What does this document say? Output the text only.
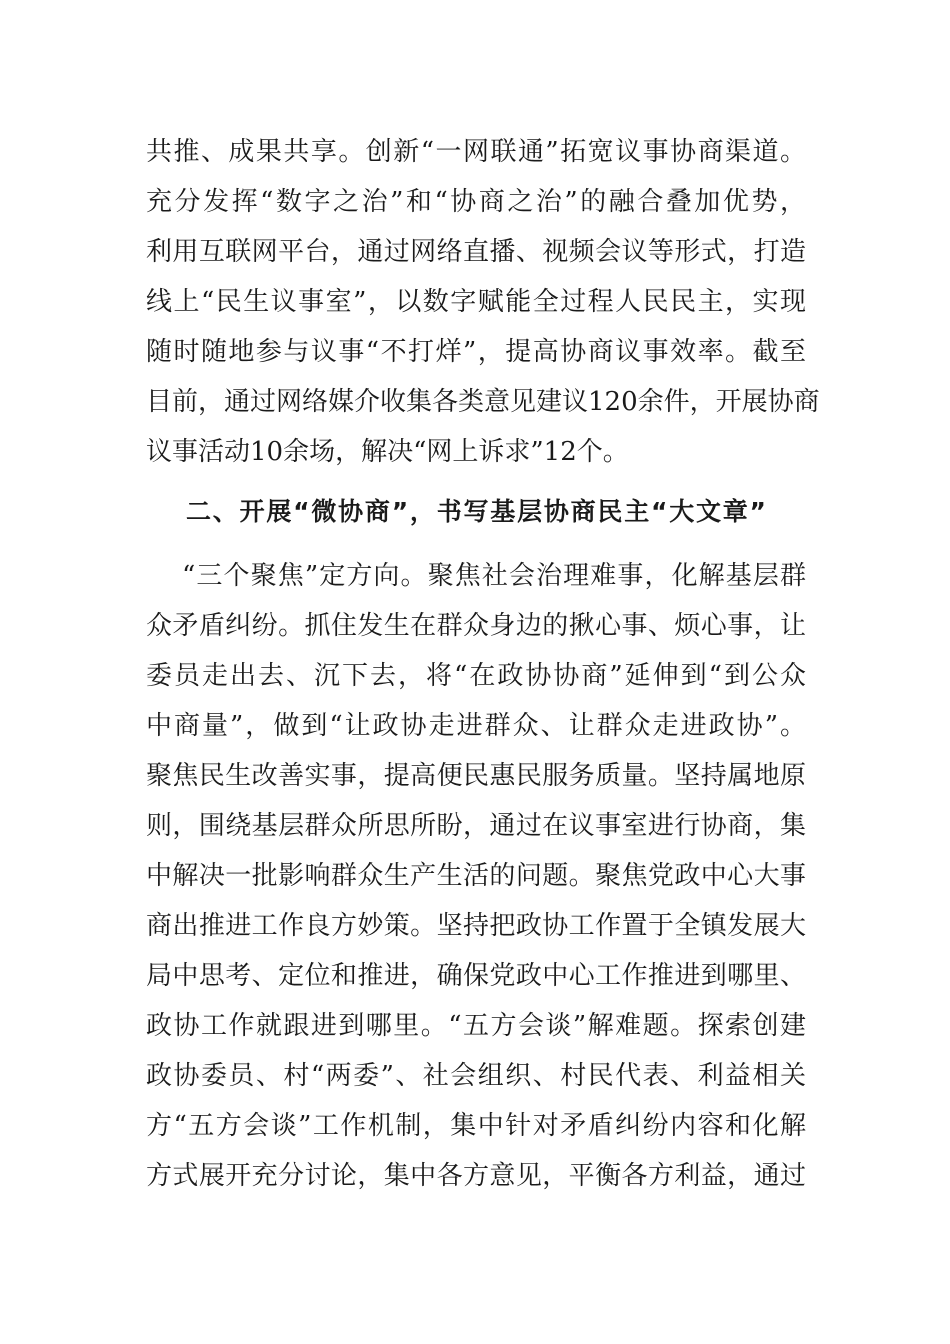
共推、成果共享。创新“一网联通”拓宽议事协商渠道。
充分发挥“数字之治”和“协商之治”的融合叠加优势，
利用互联网平台，通过网络直播、视频会议等形式，打造
线上“民生议事室”，以数字赋能全过程人民民主，实现
随时随地参与议事“不打烊”，提高协商议事效率。截至
目前，通过网络媒介收集各类意见建议120余件，开展协商
议事活动10余场，解决“网上诉求”12个。
二、开展“微协商”，书写基层协商民主“大文章”
“三个聚焦”定方向。聚焦社会治理难事，化解基层群
众矛盾纠纷。抓住发生在群众身边的揪心事、烦心事，让
委员走出去、沉下去，将“在政协协商”延伸到“到公众
中商量”，做到“让政协走进群众、让群众走进政协”。
聚焦民生改善实事，提高便民惠民服务质量。坚持属地原
则，围绕基层群众所思所盼，通过在议事室进行协商，集
中解决一批影响群众生产生活的问题。聚焦党政中心大事
商出推进工作良方妙策。坚持把政协工作置于全镇发展大
局中思考、定位和推进，确保党政中心工作推进到哪里、
政协工作就跟进到哪里。“五方会谈”解难题。探索创建
政协委员、村“两委”、社会组织、村民代表、利益相关
方“五方会谈”工作机制，集中针对矛盾纠纷内容和化解
方式展开充分讨论，集中各方意见，平衡各方利益，通过
